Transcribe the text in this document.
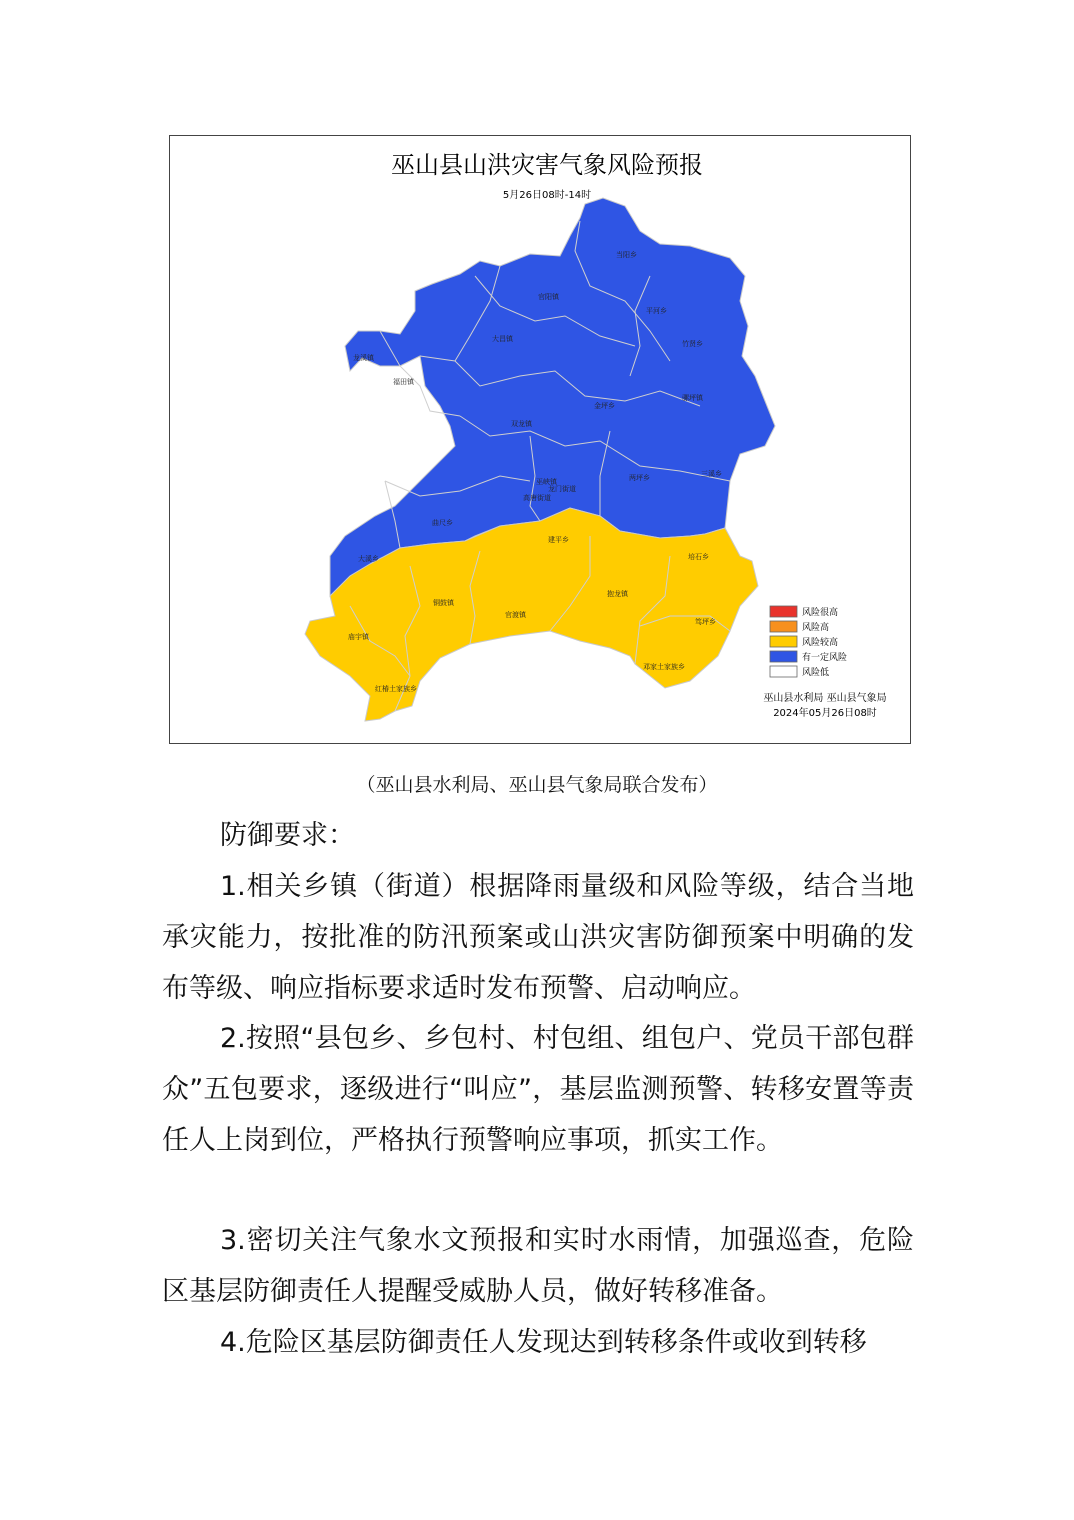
巫山县山洪灾害气象风险预报
5月26日08时-14时
当阳乡
官阳镇
平河乡
大昌镇
竹贤乡
龙溪镇
福田镇
金坪乡
骡坪镇
双龙镇
两坪乡	三溪乡
龙门街道
高唐街道
巫峡镇
曲尺乡
大溪乡
建平乡
培石乡
铜鼓镇
官渡镇
抱龙镇
笃坪乡
庙宇镇
邓家土家族乡
红椿土家族乡
风险很高
风险高
风险较高
有一定风险
风险低
巫山县水利局 巫山县气象局
2024年05月26日08时
（巫山县水利局、巫山县气象局联合发布）

防御要求：

1.相关乡镇（街道）根据降雨量级和风险等级，结合当地承灾能力，按批准的防汛预案或山洪灾害防御预案中明确的发布等级、响应指标要求适时发布预警、启动响应。

2.按照“县包乡、乡包村、村包组、组包户、党员干部包群众”五包要求，逐级进行“叫应”，基层监测预警、转移安置等责任人上岗到位，严格执行预警响应事项，抓实工作。

3.密切关注气象水文预报和实时水雨情，加强巡查，危险区基层防御责任人提醒受威胁人员，做好转移准备。

4.危险区基层防御责任人发现达到转移条件或收到转移
